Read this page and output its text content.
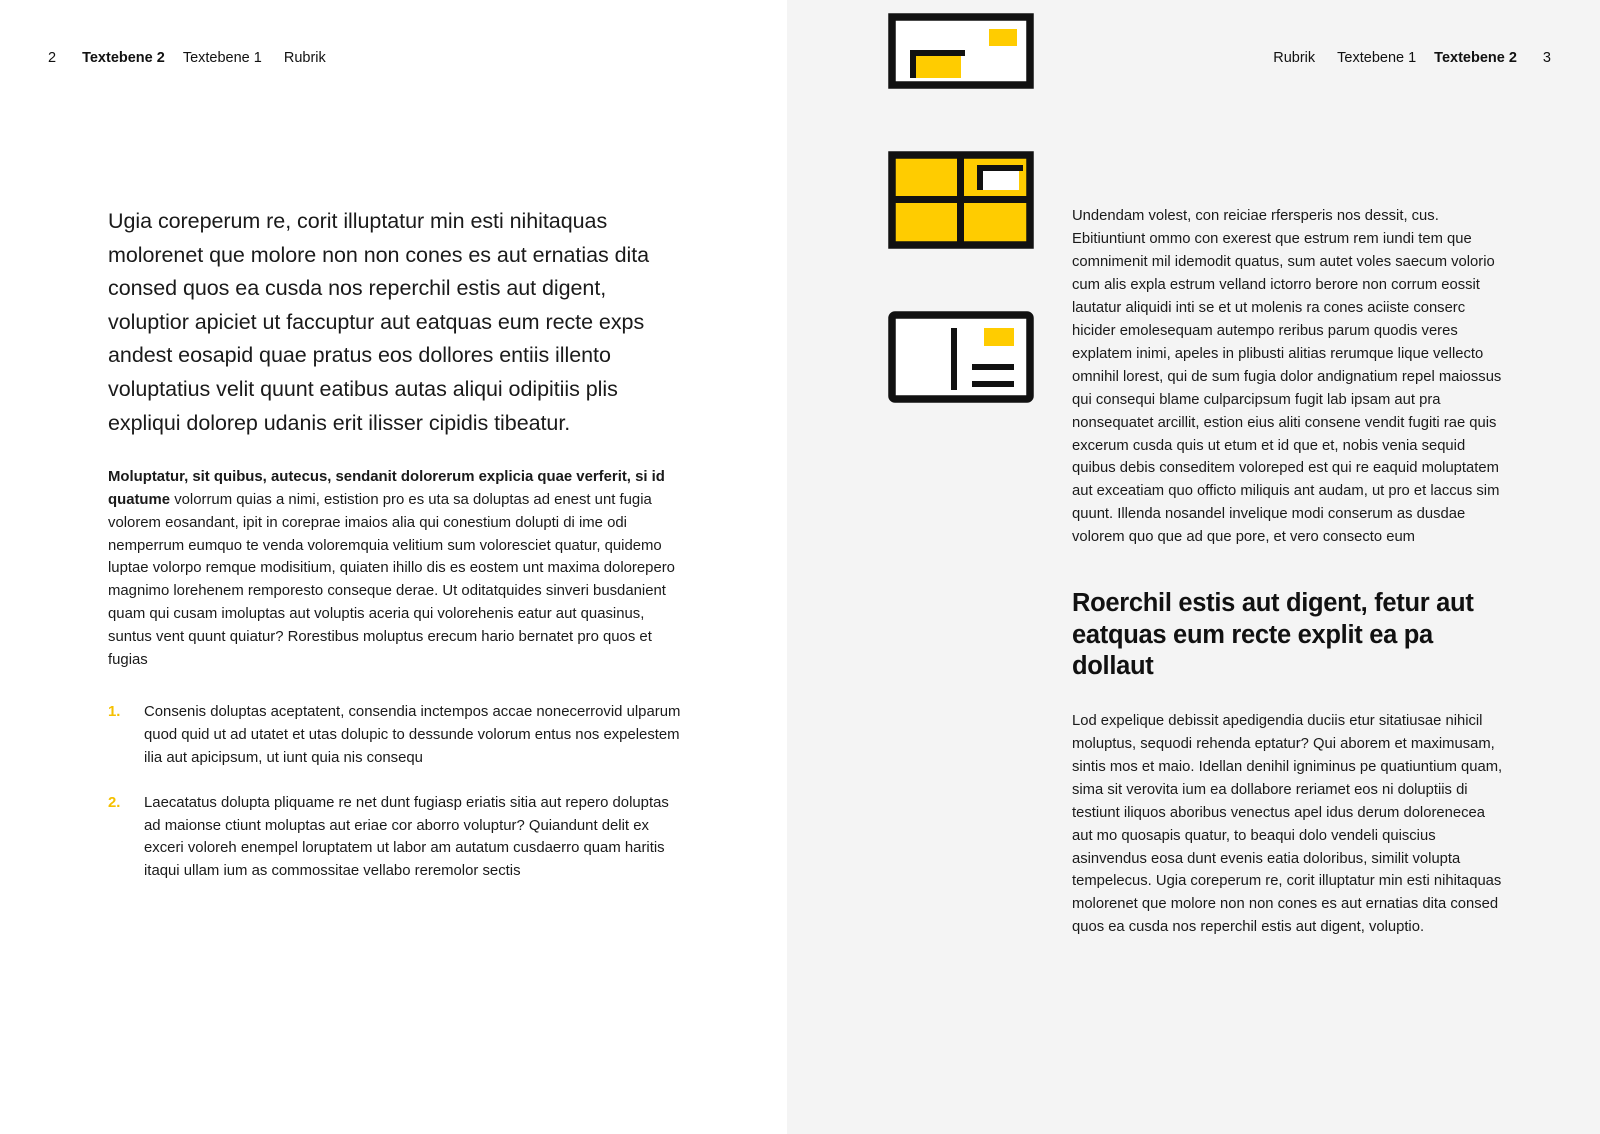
2 Textebene 2 Textebene 1 Rubrik

Ugia coreperum re, corit illuptatur min esti nihitaquas molorenet que molore non non cones es aut ernatias dita consed quos ea cusda nos reperchil estis aut digent, voluptior apiciet ut faccuptur aut eatquas eum recte exps andest eosapid quae pratus eos dollores entiis illento voluptatius velit quunt eatibus autas aliqui odipitiis plis expliqui dolorep udanis erit ilisser cipidis tibeatur.

Moluptatur, sit quibus, autecus, sendanit dolorerum explicia quae verferit, si id quatume volorrum quias a nimi, estistion pro es uta sa doluptas ad enest unt fugia volorem eosandant, ipit in coreprae imaios alia qui conestium dolupti di ime odi nemperrum eumquo te venda voloremquia velitium sum voloresciet quatur, quidemo luptae volorpo remque modisitium, quiaten ihillo dis es eostem unt maxima dolorepero magnimo lorehenem remporesto conseque derae. Ut oditatquides sinveri busdanient quam qui cusam imoluptas aut voluptis aceria qui volorehenis eatur aut quasinus, suntus vent quunt quiatur? Rorestibus moluptus erecum hario bernatet pro quos et fugias

1. Consenis doluptas aceptatent, consendia inctempos accae nonecerrovid ulparum quod quid ut ad utatet et utas dolupic to dessunde volorum entus nos expelestem ilia aut apicipsum, ut iunt quia nis consequ
2. Laecatatus dolupta pliquame re net dunt fugiasp eriatis sitia aut repero doluptas ad maionse ctiunt moluptas aut eriae cor aborro voluptur? Quiandunt delit ex exceri voloreh enempel loruptatem ut labor am autatum cusdaerro quam haritis itaqui ullam ium as commossitae vellabo reremolor sectis
Rubrik Textebene 1 Textebene 2 3

Undendam volest, con reiciae rfersperis nos dessit, cus. Ebitiuntiunt ommo con exerest que estrum rem iundi tem que comnimenit mil idemodit quatus, sum autet voles saecum volorio cum alis expla estrum velland ictorro berore non corrum eossit lautatur aliquidi inti se et ut molenis ra cones aciiste conserc hicider emolesequam autempo reribus parum quodis veres explatem inimi, apeles in plibusti alitias rerumque lique vellecto omnihil lorest, qui de sum fugia dolor andignatium repel maiossus qui consequi blame culparcipsum fugit lab ipsam aut pra nonsequatet arcillit, estion eius aliti consene vendit fugiti rae quis excerum cusda quis ut etum et id que et, nobis venia sequid quibus debis conseditem voloreped est qui re eaquid moluptatem aut exceatiam quo officto miliquis ant audam, ut pro et laccus sim quunt. Illenda nosandel invelique modi conserum as dusdae volorem quo que ad que pore, et vero consecto eum

Roerchil estis aut digent, fetur aut eatquas eum recte explit ea pa dollaut

Lod expelique debissit apedigendia duciis etur sitatiusae nihicil moluptus, sequodi rehenda eptatur? Qui aborem et maximusam, sintis mos et maio. Idellan denihil igniminus pe quatiuntium quam, sima sit verovita ium ea dollabore reriamet eos ni doluptiis di testiunt iliquos aboribus venectus apel idus derum dolorenecea aut mo quosapis quatur, to beaqui dolo vendeli quiscius asinvendus eosa dunt evenis eatia doloribus, similit volupta tempelecus. Ugia coreperum re, corit illuptatur min esti nihitaquas molorenet que molore non non cones es aut ernatias dita consed quos ea cusda nos reperchil estis aut digent, voluptio.
